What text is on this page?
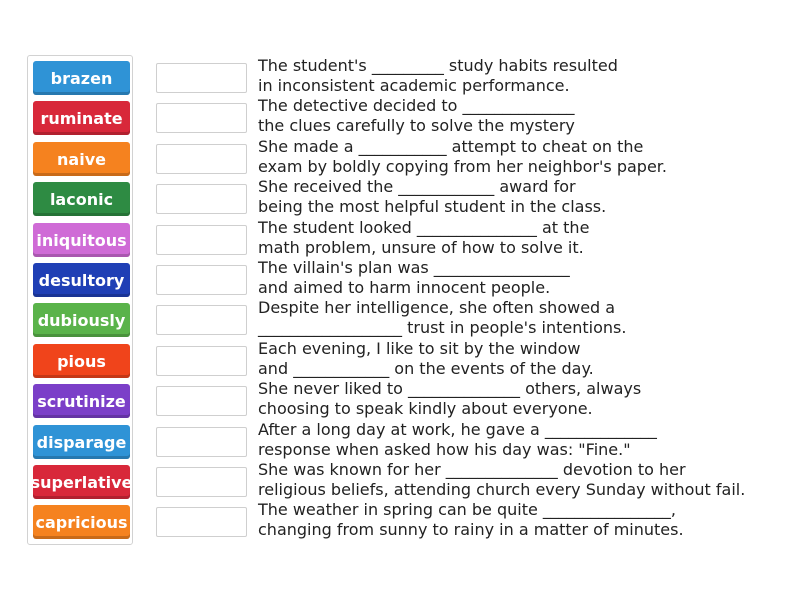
brazen
ruminate
naive
laconic
iniquitous
desultory
dubiously
pious
scrutinize
disparage
superlative
capricious
The student's _________ study habits resulted
in inconsistent academic performance.
The detective decided to ______________
the clues carefully to solve the mystery
She made a ___________ attempt to cheat on the
exam by boldly copying from her neighbor's paper.
She received the ____________ award for
being the most helpful student in the class.
The student looked _______________ at the
math problem, unsure of how to solve it.
The villain's plan was _________________
and aimed to harm innocent people.
Despite her intelligence, she often showed a
__________________ trust in people's intentions.
Each evening, I like to sit by the window
and ____________ on the events of the day.
She never liked to ______________ others, always
choosing to speak kindly about everyone.
After a long day at work, he gave a ______________
response when asked how his day was: "Fine."
She was known for her ______________ devotion to her
religious beliefs, attending church every Sunday without fail.
The weather in spring can be quite ________________,
changing from sunny to rainy in a matter of minutes.
